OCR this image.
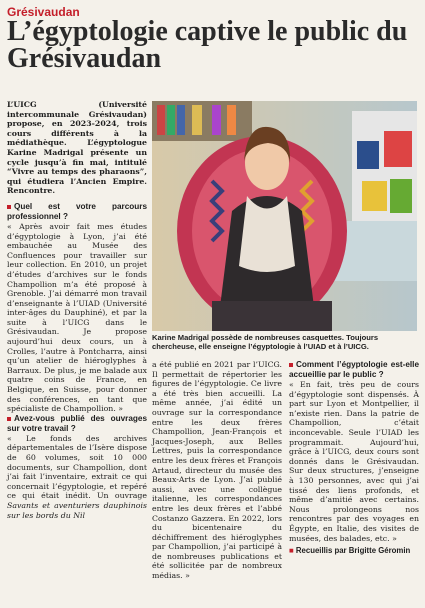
Grésivaudan
L’égyptologie captive le public du Grésivaudan

L’UICG (Université intercommunale Grésivaudan) propose, en 2023-2024, trois cours différents à la médiathèque. L’égyptologue Karine Madrigal présente un cycle jusqu’à fin mai, intitulé “Vivre au temps des pharaons”, qui étudiera l’Ancien Empire. Rencontre.

Quel est votre parcours professionnel ?

« Après avoir fait mes études d’égyptologie à Lyon, j’ai été embauchée au Musée des Confluences pour travailler sur leur collection. En 2010, un projet d’études d’archives sur le fonds Champollion m’a été proposé à Grenoble. J’ai démarré mon travail d’enseignante à l’UIAD (Université inter-âges du Dauphiné), et par la suite à l’UICG dans le Grésivaudan. Je propose aujourd’hui deux cours, un à Crolles, l’autre à Pontcharra, ainsi qu’un atelier de hiéroglyphes à Barraux. De plus, je me balade aux quatre coins de France, en Belgique, en Suisse, pour donner des conférences, en tant que spécialiste de Champollion. »

Avez-vous publié des ouvrages sur votre travail ?

« Le fonds des archives départementales de l’Isère dispose de 60 volumes, soit 10 000 documents, sur Champollion, dont j’ai fait l’inventaire, extrait ce qui concernait l’égyptologie, et repéré ce qui était inédit. Un ouvrage Savants et aventuriers dauphinois sur les bords du Nil

Karine Madrigal possède de nombreuses casquettes. Toujours chercheuse, elle enseigne l’égyptologie à l’UIAD et à l’UICG.

a été publié en 2021 par l’UICG. Il permettait de répertorier les figures de l’égyptologie. Ce livre a été très bien accueilli. La même année, j’ai édité un ouvrage sur la correspondance entre les deux frères Champollion, Jean-François et Jacques-Joseph, aux Belles Lettres, puis la correspondance entre les deux frères et François Artaud, directeur du musée des Beaux-Arts de Lyon. J’ai publié aussi, avec une collègue italienne, les correspondances entre les deux frères et l’abbé Costanzo Gazzera. En 2022, lors du bicentenaire du déchiffrement des hiéroglyphes par Champollion, j’ai participé à de nombreuses publications et été sollicitée par de nombreux médias. »

Comment l’égyptologie est-elle accueillie par le public ?

« En fait, très peu de cours d’égyptologie sont dispensés. À part sur Lyon et Montpellier, il n’existe rien. Dans la patrie de Champollion, c’était inconcevable. Seule l’UIAD les programmait. Aujourd’hui, grâce à l’UICG, deux cours sont donnés dans le Grésivaudan. Sur deux structures, j’enseigne à 130 personnes, avec qui j’ai tissé des liens profonds, et même d’amitié avec certains. Nous prolongeons nos rencontres par des voyages en Égypte, en Italie, des visites de musées, des balades, etc. »

■ Recueillis par Brigitte Géromin
